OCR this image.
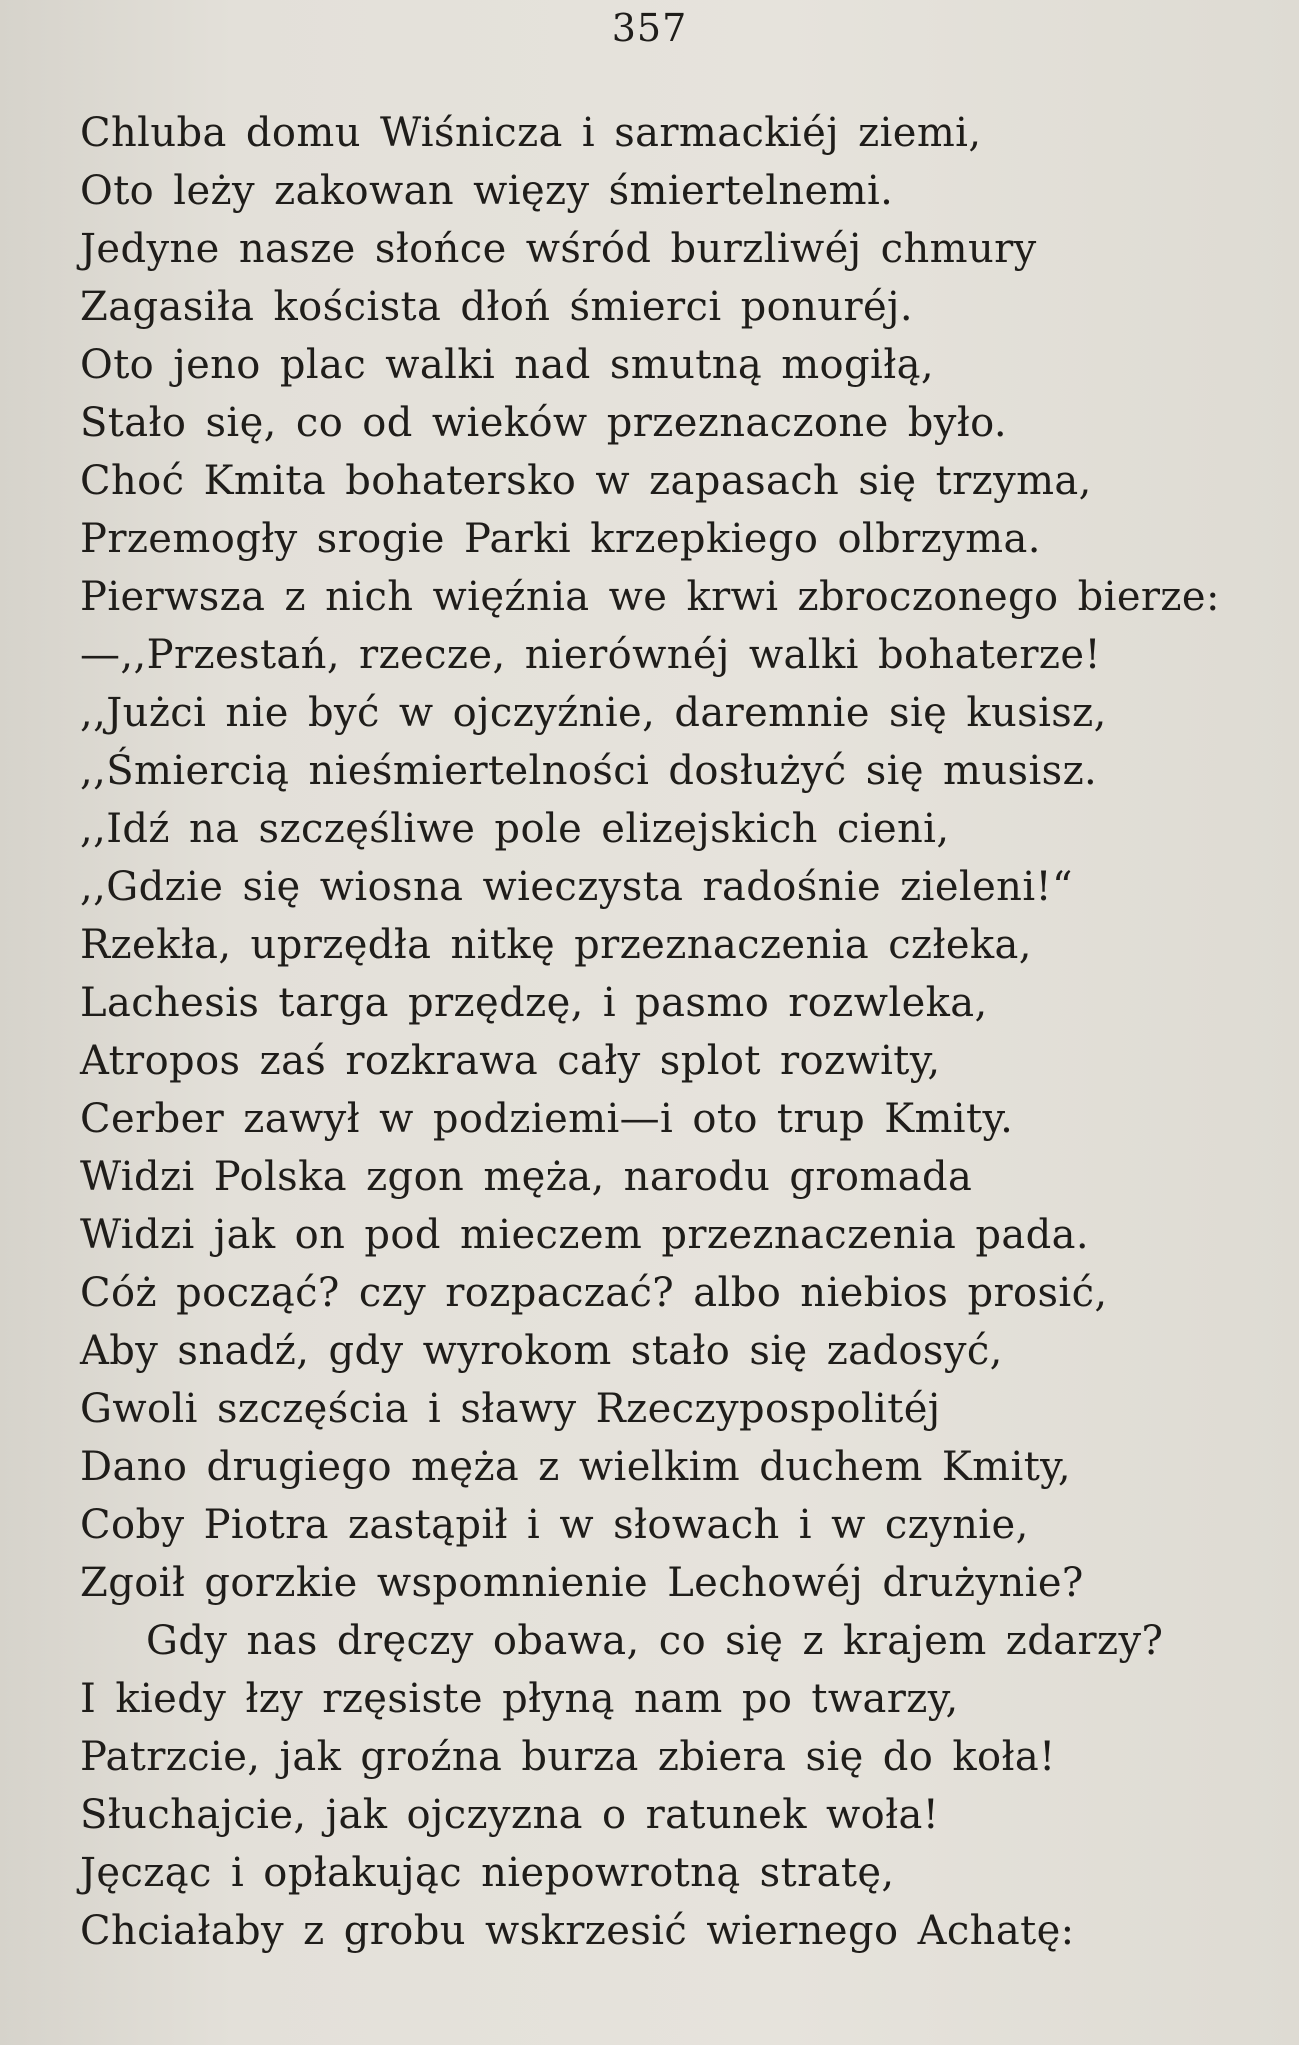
357
Chluba domu Wiśnicza i sarmackiéj ziemi,
Oto leży zakowan więzy śmiertelnemi.
Jedyne nasze słońce wśród burzliwéj chmury
Zagasiła koścista dłoń śmierci ponuréj.
Oto jeno plac walki nad smutną mogiłą,
Stało się, co od wieków przeznaczone było.
Choć Kmita bohatersko w zapasach się trzyma,
Przemogły srogie Parki krzepkiego olbrzyma.
Pierwsza z nich więźnia we krwi zbroczonego bierze:
—,,Przestań, rzecze, nierównéj walki bohaterze!
,,Jużci nie być w ojczyźnie, daremnie się kusisz,
,,Śmiercią nieśmiertelności dosłużyć się musisz.
,,Idź na szczęśliwe pole elizejskich cieni,
,,Gdzie się wiosna wieczysta radośnie zieleni!“
Rzekła, uprzędła nitkę przeznaczenia człeka,
Lachesis targa przędzę, i pasmo rozwleka,
Atropos zaś rozkrawa cały splot rozwity,
Cerber zawył w podziemi—i oto trup Kmity.
Widzi Polska zgon męża, narodu gromada
Widzi jak on pod mieczem przeznaczenia pada.
Cóż począć? czy rozpaczać? albo niebios prosić,
Aby snadź, gdy wyrokom stało się zadosyć,
Gwoli szczęścia i sławy Rzeczypospolitéj
Dano drugiego męża z wielkim duchem Kmity,
Coby Piotra zastąpił i w słowach i w czynie,
Zgoił gorzkie wspomnienie Lechowéj drużynie?
Gdy nas dręczy obawa, co się z krajem zdarzy?
I kiedy łzy rzęsiste płyną nam po twarzy,
Patrzcie, jak groźna burza zbiera się do koła!
Słuchajcie, jak ojczyzna o ratunek woła!
Jęcząc i opłakując niepowrotną stratę,
Chciałaby z grobu wskrzesić wiernego Achatę:
